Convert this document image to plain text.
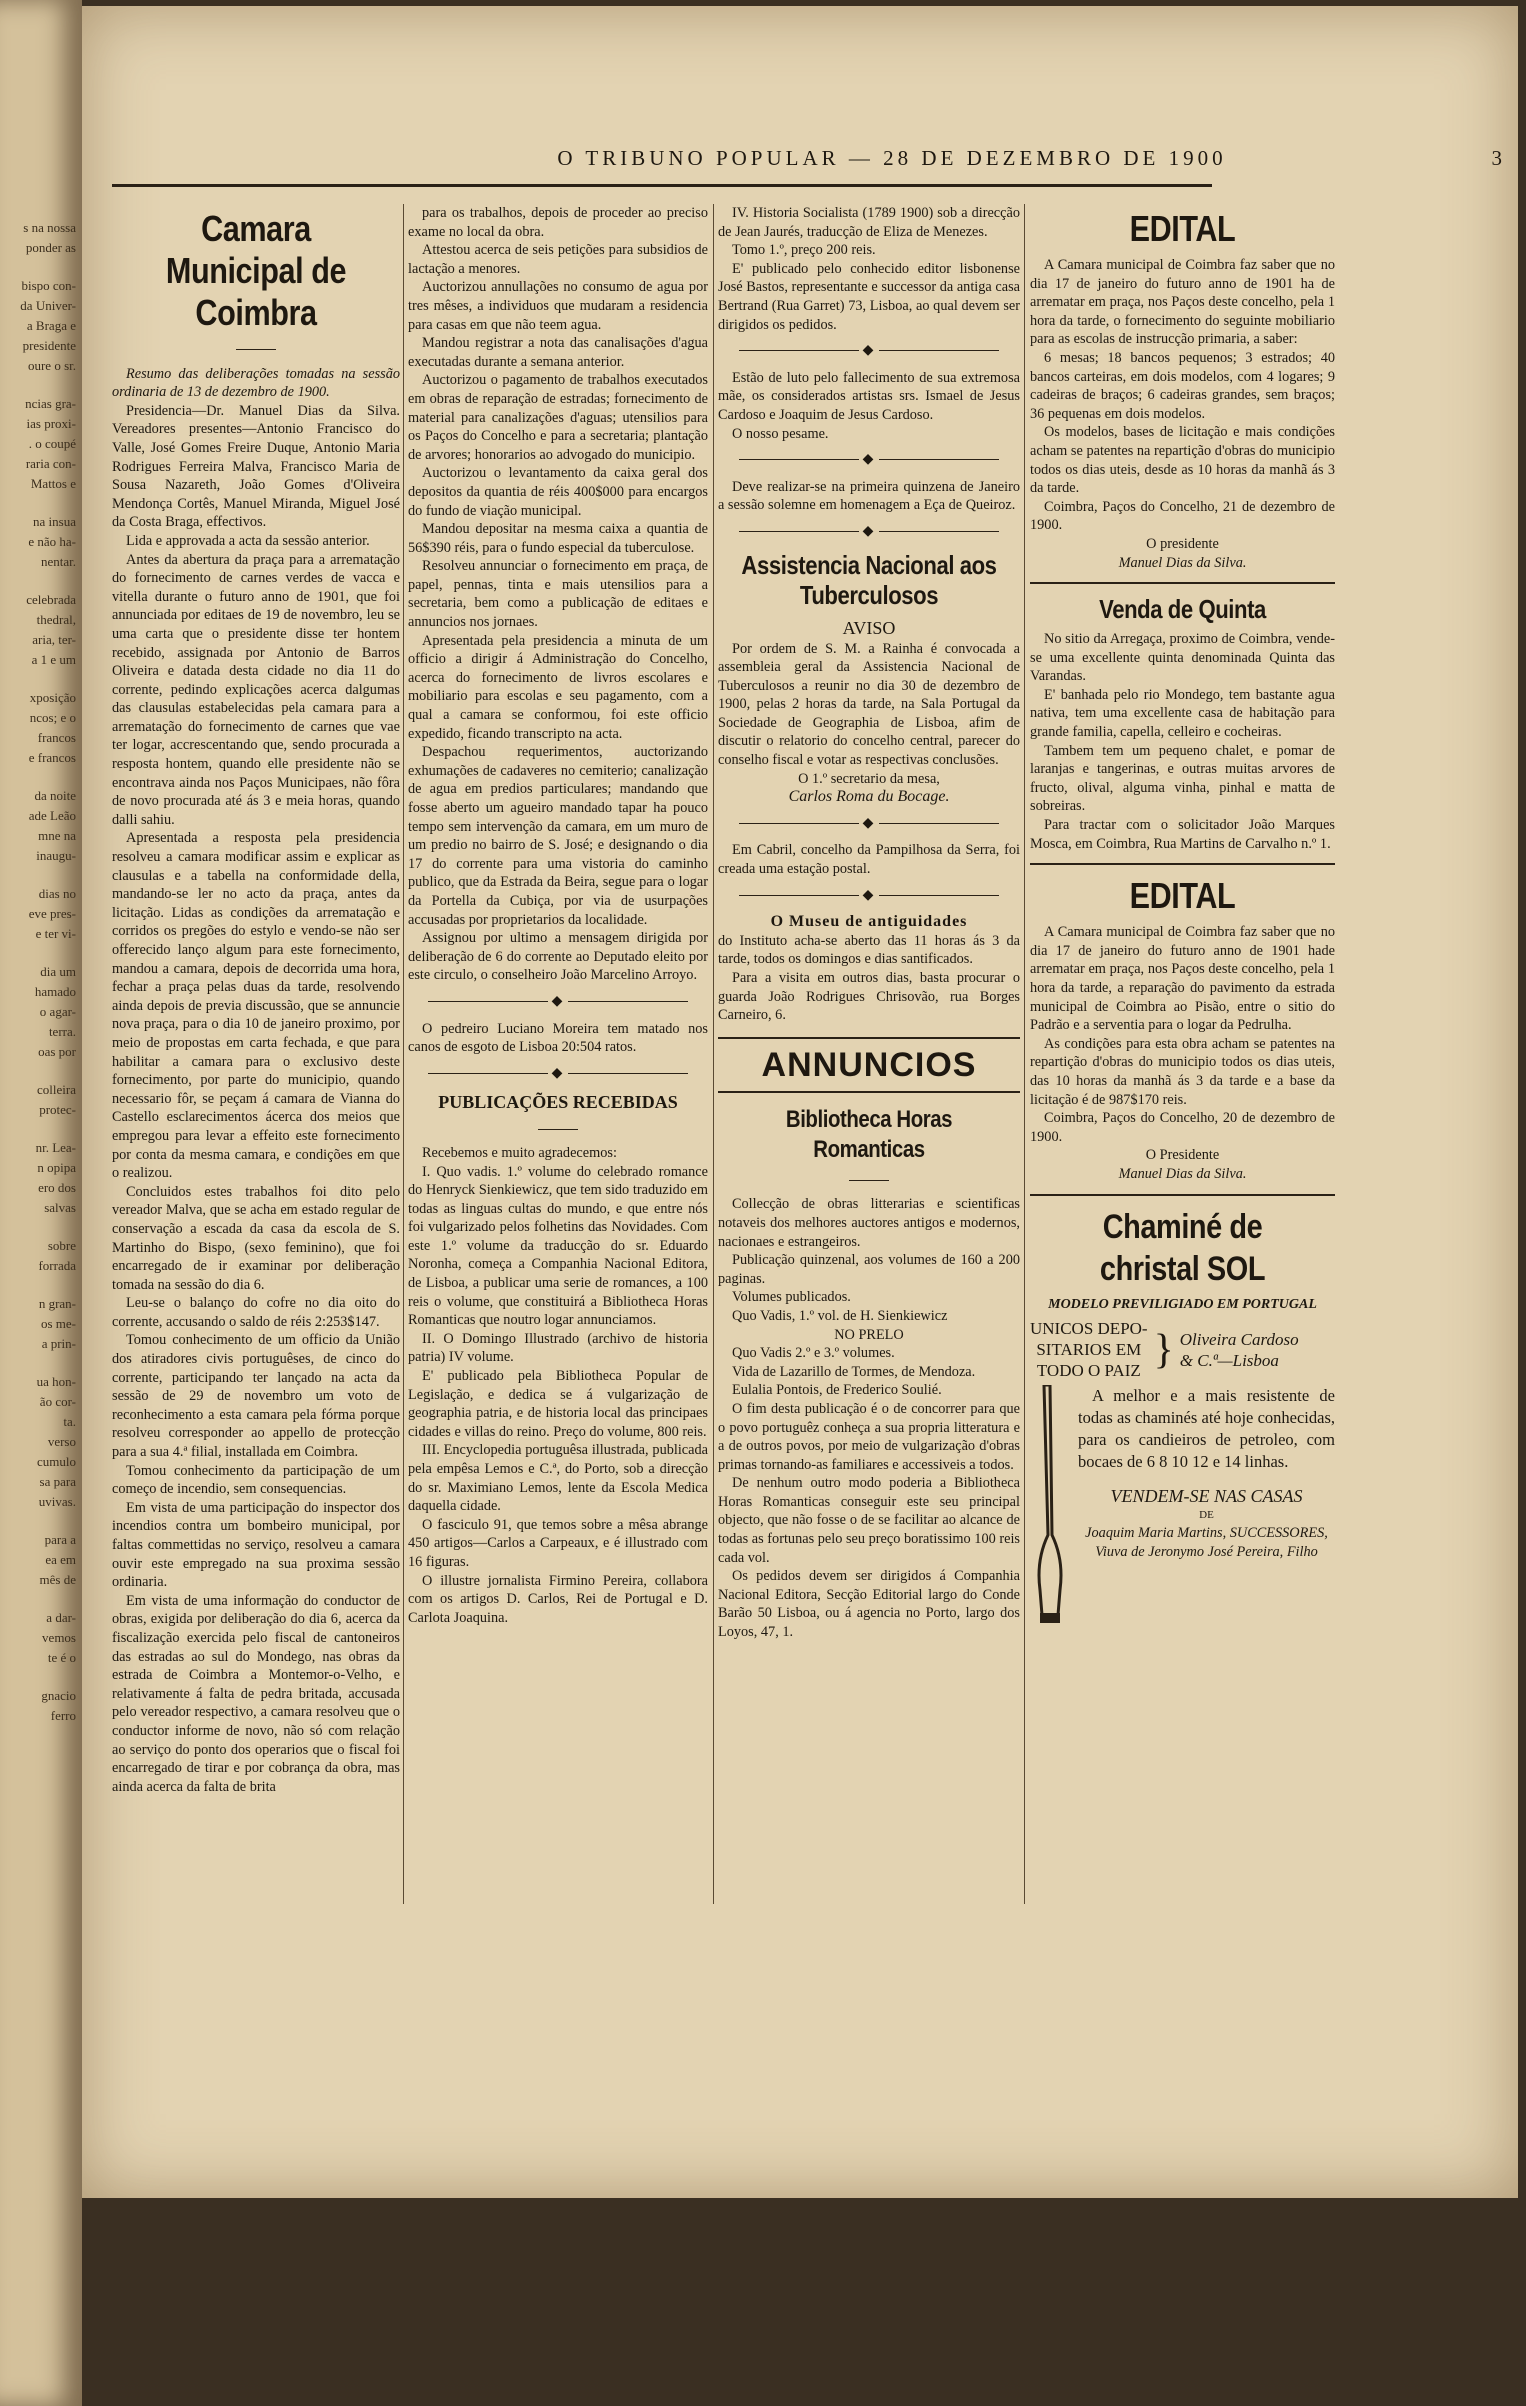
s na nossa

ponder as

bispo con-

da Univer-

a Braga e

presidente

oure o sr.

ncias gra-

ias proxi-

. o coupé

raria con-

Mattos e

na insua

e não ha-

nentar.

celebrada

thedral,

aria, ter-

a 1 e um

xposição

ncos; e o

francos

e francos

da noite

ade Leão

mne na

inaugu-

dias no

eve pres-

e ter vi-

dia um

hamado

o agar-

terra.

oas por

colleira

protec-

nr. Lea-

n opipa

ero dos

salvas

sobre

forrada

n gran-

os me-

a prin-

ua hon-

ão cor-

ta.

verso

cumulo

sa para

uvivas.

para a

ea em

mês de

a dar-

vemos

te é o

gnacio

ferro

O TRIBUNO POPULAR — 28 DE DEZEMBRO DE 1900	3
Camara Municipal de Coimbra

Resumo das deliberações tomadas na sessão ordinaria de 13 de dezembro de 1900.

Presidencia—Dr. Manuel Dias da Silva. Vereadores presentes—Antonio Francisco do Valle, José Gomes Freire Duque, Antonio Maria Rodrigues Ferreira Malva, Francisco Maria de Sousa Nazareth, João Gomes d'Oliveira Mendonça Cortês, Manuel Miranda, Miguel José da Costa Braga, effectivos.

Lida e approvada a acta da sessão anterior.

Antes da abertura da praça para a arrematação do fornecimento de carnes verdes de vacca e vitella durante o futuro anno de 1901, que foi annunciada por editaes de 19 de novembro, leu se uma carta que o presidente disse ter hontem recebido, assignada por Antonio de Barros Oliveira e datada desta cidade no dia 11 do corrente, pedindo explicações acerca dalgumas das clausulas estabelecidas pela camara para a arrematação do fornecimento de carnes que vae ter logar, accrescentando que, sendo procurada a resposta hontem, quando elle presidente não se encontrava ainda nos Paços Municipaes, não fôra de novo procurada até ás 3 e meia horas, quando dalli sahiu.

Apresentada a resposta pela presidencia resolveu a camara modificar assim e explicar as clausulas e a tabella na conformidade della, mandando-se ler no acto da praça, antes da licitação. Lidas as condições da arrematação e corridos os pregões do estylo e vendo-se não ser offerecido lanço algum para este fornecimento, mandou a camara, depois de decorrida uma hora, fechar a praça pelas duas da tarde, resolvendo ainda depois de previa discussão, que se annuncie nova praça, para o dia 10 de janeiro proximo, por meio de propostas em carta fechada, e que para habilitar a camara para o exclusivo deste fornecimento, por parte do municipio, quando necessario fôr, se peçam á camara de Vianna do Castello esclarecimentos ácerca dos meios que empregou para levar a effeito este fornecimento por conta da mesma camara, e condições em que o realizou.

Concluidos estes trabalhos foi dito pelo vereador Malva, que se acha em estado regular de conservação a escada da casa da escola de S. Martinho do Bispo, (sexo feminino), que foi encarregado de ir examinar por deliberação tomada na sessão do dia 6.

Leu-se o balanço do cofre no dia oito do corrente, accusando o saldo de réis 2:253$147.

Tomou conhecimento de um officio da União dos atiradores civis portuguêses, de cinco do corrente, participando ter lançado na acta da sessão de 29 de novembro um voto de reconhecimento a esta camara pela fórma porque resolveu corresponder ao appello de protecção para a sua 4.ª filial, installada em Coimbra.

Tomou conhecimento da participação de um começo de incendio, sem consequencias.

Em vista de uma participação do inspector dos incendios contra um bombeiro municipal, por faltas commettidas no serviço, resolveu a camara ouvir este empregado na sua proxima sessão ordinaria.

Em vista de uma informação do conductor de obras, exigida por deliberação do dia 6, acerca da fiscalização exercida pelo fiscal de cantoneiros das estradas ao sul do Mondego, nas obras da estrada de Coimbra a Montemor-o-Velho, e relativamente á falta de pedra britada, accusada pelo vereador respectivo, a camara resolveu que o conductor informe de novo, não só com relação ao serviço do ponto dos operarios que o fiscal foi encarregado de tirar e por cobrança da obra, mas ainda acerca da falta de brita

para os trabalhos, depois de proceder ao preciso exame no local da obra.

Attestou acerca de seis petições para subsidios de lactação a menores.

Auctorizou annullações no consumo de agua por tres mêses, a individuos que mudaram a residencia para casas em que não teem agua.

Mandou registrar a nota das canalisações d'agua executadas durante a semana anterior.

Auctorizou o pagamento de trabalhos executados em obras de reparação de estradas; fornecimento de material para canalizações d'aguas; utensilios para os Paços do Concelho e para a secretaria; plantação de arvores; honorarios ao advogado do municipio.

Auctorizou o levantamento da caixa geral dos depositos da quantia de réis 400$000 para encargos do fundo de viação municipal.

Mandou depositar na mesma caixa a quantia de 56$390 réis, para o fundo especial da tuberculose.

Resolveu annunciar o fornecimento em praça, de papel, pennas, tinta e mais utensilios para a secretaria, bem como a publicação de editaes e annuncios nos jornaes.

Apresentada pela presidencia a minuta de um officio a dirigir á Administração do Concelho, acerca do fornecimento de livros escolares e mobiliario para escolas e seu pagamento, com a qual a camara se conformou, foi este officio expedido, ficando transcripto na acta.

Despachou requerimentos, auctorizando exhumações de cadaveres no cemiterio; canalização de agua em predios particulares; mandando que fosse aberto um agueiro mandado tapar ha pouco tempo sem intervenção da camara, em um muro de um predio no bairro de S. José; e designando o dia 17 do corrente para uma vistoria do caminho publico, que da Estrada da Beira, segue para o logar da Portella da Cubiça, por via de usurpações accusadas por proprietarios da localidade.

Assignou por ultimo a mensagem dirigida por deliberação de 6 do corrente ao Deputado eleito por este circulo, o conselheiro João Marcelino Arroyo.

◆

O pedreiro Luciano Moreira tem matado nos canos de esgoto de Lisboa 20:504 ratos.

◆
PUBLICAÇÕES RECEBIDAS

Recebemos e muito agradecemos:

I. Quo vadis. 1.º volume do celebrado romance do Henryck Sienkiewicz, que tem sido traduzido em todas as linguas cultas do mundo, e que entre nós foi vulgarizado pelos folhetins das Novidades. Com este 1.º volume da traducção do sr. Eduardo Noronha, começa a Companhia Nacional Editora, de Lisboa, a publicar uma serie de romances, a 100 reis o volume, que constituirá a Bibliotheca Horas Romanticas que noutro logar annunciamos.

II. O Domingo Illustrado (archivo de historia patria) IV volume.

E' publicado pela Bibliotheca Popular de Legislação, e dedica se á vulgarização de geographia patria, e de historia local das principaes cidades e villas do reino. Preço do volume, 800 reis.

III. Encyclopedia portuguêsa illustrada, publicada pela empêsa Lemos e C.ª, do Porto, sob a direcção do sr. Maximiano Lemos, lente da Escola Medica daquella cidade.

O fasciculo 91, que temos sobre a mêsa abrange 450 artigos—Carlos a Carpeaux, e é illustrado com 16 figuras.

O illustre jornalista Firmino Pereira, collabora com os artigos D. Carlos, Rei de Portugal e D. Carlota Joaquina.

IV. Historia Socialista (1789 1900) sob a direcção de Jean Jaurés, traducção de Eliza de Menezes.

Tomo 1.º, preço 200 reis.

E' publicado pelo conhecido editor lisbonense José Bastos, representante e successor da antiga casa Bertrand (Rua Garret) 73, Lisboa, ao qual devem ser dirigidos os pedidos.

◆

Estão de luto pelo fallecimento de sua extremosa mãe, os considerados artistas srs. Ismael de Jesus Cardoso e Joaquim de Jesus Cardoso.

O nosso pesame.

◆

Deve realizar-se na primeira quinzena de Janeiro a sessão solemne em homenagem a Eça de Queiroz.

◆
Assistencia Nacional aos Tuberculosos

AVISO

Por ordem de S. M. a Rainha é convocada a assembleia geral da Assistencia Nacional de Tuberculosos a reunir no dia 30 de dezembro de 1900, pelas 2 horas da tarde, na Sala Portugal da Sociedade de Geographia de Lisboa, afim de discutir o relatorio do concelho central, parecer do conselho fiscal e votar as respectivas conclusões.

O 1.º secretario da mesa,

Carlos Roma du Bocage.

◆

Em Cabril, concelho da Pampilhosa da Serra, foi creada uma estação postal.

◆

O Museu de antiguidades

do Instituto acha-se aberto das 11 horas ás 3 da tarde, todos os domingos e dias santificados.

Para a visita em outros dias, basta procurar o guarda João Rodrigues Chrisovão, rua Borges Carneiro, 6.

ANNUNCIOS
Bibliotheca Horas Romanticas

Collecção de obras litterarias e scientificas notaveis dos melhores auctores antigos e modernos, nacionaes e estrangeiros.

Publicação quinzenal, aos volumes de 160 a 200 paginas.

Volumes publicados.

Quo Vadis, 1.º vol. de H. Sienkiewicz

NO PRELO

Quo Vadis 2.º e 3.º volumes.

Vida de Lazarillo de Tormes, de Mendoza.

Eulalia Pontois, de Frederico Soulié.

O fim desta publicação é o de concorrer para que o povo portuguêz conheça a sua propria litteratura e a de outros povos, por meio de vulgarização d'obras primas tornando-as familiares e accessiveis a todos.

De nenhum outro modo poderia a Bibliotheca Horas Romanticas conseguir este seu principal objecto, que não fosse o de se facilitar ao alcance de todas as fortunas pelo seu preço boratissimo 100 reis cada vol.

Os pedidos devem ser dirigidos á Companhia Nacional Editora, Secção Editorial largo do Conde Barão 50 Lisboa, ou á agencia no Porto, largo dos Loyos, 47, 1.

EDITAL

A Camara municipal de Coimbra faz saber que no dia 17 de janeiro do futuro anno de 1901 ha de arrematar em praça, nos Paços deste concelho, pela 1 hora da tarde, o fornecimento do seguinte mobiliario para as escolas de instrucção primaria, a saber:

6 mesas; 18 bancos pequenos; 3 estrados; 40 bancos carteiras, em dois modelos, com 4 logares; 9 cadeiras de braços; 6 cadeiras grandes, sem braços; 36 pequenas em dois modelos.

Os modelos, bases de licitação e mais condições acham se patentes na repartição d'obras do municipio todos os dias uteis, desde as 10 horas da manhã ás 3 da tarde.

Coimbra, Paços do Concelho, 21 de dezembro de 1900.

O presidente

Manuel Dias da Silva.

Venda de Quinta

No sitio da Arregaça, proximo de Coimbra, vende-se uma excellente quinta denominada Quinta das Varandas.

E' banhada pelo rio Mondego, tem bastante agua nativa, tem uma excellente casa de habitação para grande familia, capella, celleiro e cocheiras.

Tambem tem um pequeno chalet, e pomar de laranjas e tangerinas, e outras muitas arvores de fructo, olival, alguma vinha, pinhal e matta de sobreiras.

Para tractar com o solicitador João Marques Mosca, em Coimbra, Rua Martins de Carvalho n.º 1.

EDITAL

A Camara municipal de Coimbra faz saber que no dia 17 de janeiro do futuro anno de 1901 hade arrematar em praça, nos Paços deste concelho, pela 1 hora da tarde, a reparação do pavimento da estrada municipal de Coimbra ao Pisão, entre o sitio do Padrão e a serventia para o logar da Pedrulha.

As condições para esta obra acham se patentes na repartição d'obras do municipio todos os dias uteis, das 10 horas da manhã ás 3 da tarde e a base da licitação é de 987$170 reis.

Coimbra, Paços do Concelho, 20 de dezembro de 1900.

O Presidente

Manuel Dias da Silva.

Chaminé de christal SOL

MODELO PREVILIGIADO EM PORTUGAL

UNICOS DEPO-
SITARIOS EM
TODO O PAIZ } Oliveira Cardoso
& C.ª—Lisboa

A melhor e a mais resistente de todas as chaminés até hoje conhecidas, para os candieiros de petroleo, com bocaes de 6 8 10 12 e 14 linhas.

VENDEM-SE NAS CASAS

DE

Joaquim Maria Martins, SUCCESSORES, Viuva de Jeronymo José Pereira, Filho
